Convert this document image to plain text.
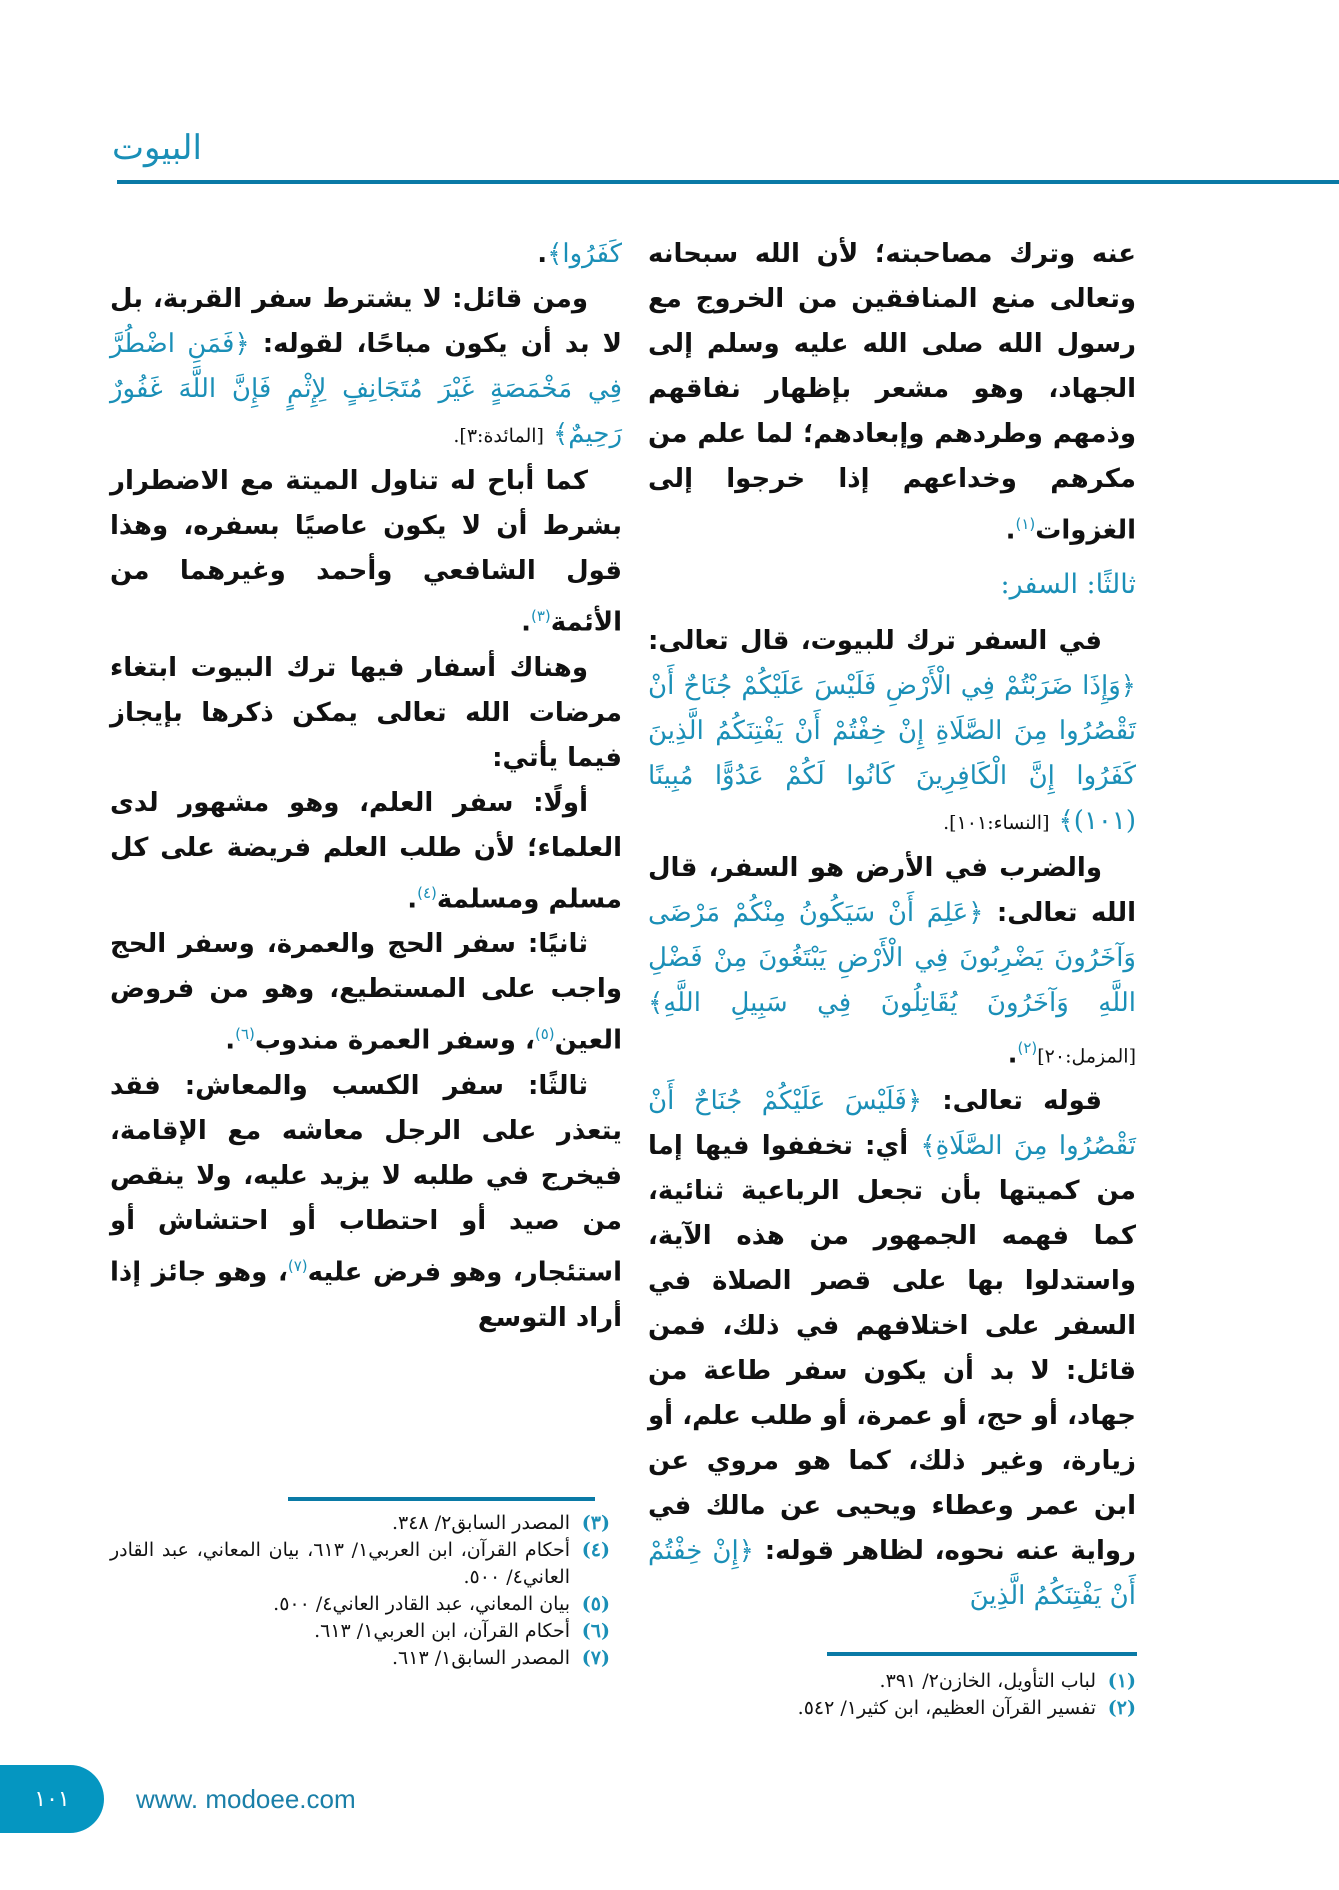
البيوت

عنه وترك مصاحبته؛ لأن الله سبحانه وتعالى منع المنافقين من الخروج مع رسول الله صلى الله عليه وسلم إلى الجهاد، وهو مشعر بإظهار نفاقهم وذمهم وطردهم وإبعادهم؛ لما علم من مكرهم وخداعهم إذا خرجوا إلى الغزوات$^{(١)}$.

ثالثًا: السفر:

في السفر ترك للبيوت، قال تعالى: ﴿وَإِذَا ضَرَبْتُمْ فِي الْأَرْضِ فَلَيْسَ عَلَيْكُمْ جُنَاحٌ أَنْ تَقْصُرُوا مِنَ الصَّلَاةِ إِنْ خِفْتُمْ أَنْ يَفْتِنَكُمُ الَّذِينَ كَفَرُوا إِنَّ الْكَافِرِينَ كَانُوا لَكُمْ عَدُوًّا مُبِينًا (١٠١)﴾ [النساء:١٠١].

والضرب في الأرض هو السفر، قال الله تعالى: ﴿عَلِمَ أَنْ سَيَكُونُ مِنْكُمْ مَرْضَى وَآخَرُونَ يَضْرِبُونَ فِي الْأَرْضِ يَبْتَغُونَ مِنْ فَضْلِ اللَّهِ وَآخَرُونَ يُقَاتِلُونَ فِي سَبِيلِ اللَّهِ﴾ [المزمل:٢٠]$^{(٢)}$.

قوله تعالى: ﴿فَلَيْسَ عَلَيْكُمْ جُنَاحٌ أَنْ تَقْصُرُوا مِنَ الصَّلَاةِ﴾ أي: تخففوا فيها إما من كميتها بأن تجعل الرباعية ثنائية، كما فهمه الجمهور من هذه الآية، واستدلوا بها على قصر الصلاة في السفر على اختلافهم في ذلك، فمن قائل: لا بد أن يكون سفر طاعة من جهاد، أو حج، أو عمرة، أو طلب علم، أو زيارة، وغير ذلك، كما هو مروي عن ابن عمر وعطاء ويحيى عن مالك في رواية عنه نحوه، لظاهر قوله: ﴿إِنْ خِفْتُمْ أَنْ يَفْتِنَكُمُ الَّذِينَ

كَفَرُوا﴾.

ومن قائل: لا يشترط سفر القربة، بل لا بد أن يكون مباحًا، لقوله: ﴿فَمَنِ اضْطُرَّ فِي مَخْمَصَةٍ غَيْرَ مُتَجَانِفٍ لِإِثْمٍ فَإِنَّ اللَّهَ غَفُورٌ رَحِيمٌ﴾ [المائدة:٣].

كما أباح له تناول الميتة مع الاضطرار بشرط أن لا يكون عاصيًا بسفره، وهذا قول الشافعي وأحمد وغيرهما من الأئمة$^{(٣)}$.

وهناك أسفار فيها ترك البيوت ابتغاء مرضات الله تعالى يمكن ذكرها بإيجاز فيما يأتي:

أولًا: سفر العلم، وهو مشهور لدى العلماء؛ لأن طلب العلم فريضة على كل مسلم ومسلمة$^{(٤)}$.

ثانيًا: سفر الحج والعمرة، وسفر الحج واجب على المستطيع، وهو من فروض العين$^{(٥)}$، وسفر العمرة مندوب$^{(٦)}$.

ثالثًا: سفر الكسب والمعاش: فقد يتعذر على الرجل معاشه مع الإقامة، فيخرج في طلبه لا يزيد عليه، ولا ينقص من صيد أو احتطاب أو احتشاش أو استئجار، وهو فرض عليه$^{(٧)}$، وهو جائز إذا أراد التوسع

(١)
لباب التأويل، الخازن٢/ ٣٩١.
(٢)
تفسير القرآن العظيم، ابن كثير١/ ٥٤٢.
(٣)
المصدر السابق٢/ ٣٤٨.
(٤)
أحكام القرآن، ابن العربي١/ ٦١٣، بيان المعاني، عبد القادر العاني٤/ ٥٠٠.
(٥)
بيان المعاني، عبد القادر العاني٤/ ٥٠٠.
(٦)
أحكام القرآن، ابن العربي١/ ٦١٣.
(٧)
المصدر السابق١/ ٦١٣.
١٠١	www. modoee.com
